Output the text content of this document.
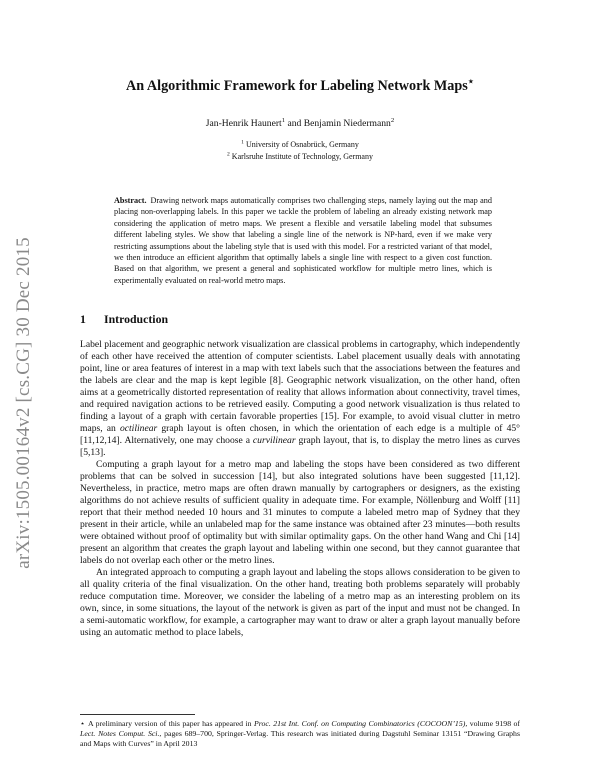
arXiv:1505.00164v2 [cs.CG] 30 Dec 2015
An Algorithmic Framework for Labeling Network Maps⋆
Jan-Henrik Haunert$^1$ and Benjamin Niedermann$^2$
$^1$ University of Osnabrück, Germany
$^2$ Karlsruhe Institute of Technology, Germany
Abstract. Drawing network maps automatically comprises two challenging steps, namely laying out the map and placing non-overlapping labels. In this paper we tackle the problem of labeling an already existing network map considering the application of metro maps. We present a flexible and versatile labeling model that subsumes different labeling styles. We show that labeling a single line of the network is NP-hard, even if we make very restricting assumptions about the labeling style that is used with this model. For a restricted variant of that model, we then introduce an efficient algorithm that optimally labels a single line with respect to a given cost function. Based on that algorithm, we present a general and sophisticated workflow for multiple metro lines, which is experimentally evaluated on real-world metro maps.
1 Introduction

Label placement and geographic network visualization are classical problems in cartography, which independently of each other have received the attention of computer scientists. Label placement usually deals with annotating point, line or area features of interest in a map with text labels such that the associations between the features and the labels are clear and the map is kept legible [8]. Geographic network visualization, on the other hand, often aims at a geometrically distorted representation of reality that allows information about connectivity, travel times, and required navigation actions to be retrieved easily. Computing a good network visualization is thus related to finding a layout of a graph with certain favorable properties [15]. For example, to avoid visual clutter in metro maps, an octilinear graph layout is often chosen, in which the orientation of each edge is a multiple of 45° [11,12,14]. Alternatively, one may choose a curvilinear graph layout, that is, to display the metro lines as curves [5,13].

Computing a graph layout for a metro map and labeling the stops have been considered as two different problems that can be solved in succession [14], but also integrated solutions have been suggested [11,12]. Nevertheless, in practice, metro maps are often drawn manually by cartographers or designers, as the existing algorithms do not achieve results of sufficient quality in adequate time. For example, Nöllenburg and Wolff [11] report that their method needed 10 hours and 31 minutes to compute a labeled metro map of Sydney that they present in their article, while an unlabeled map for the same instance was obtained after 23 minutes—both results were obtained without proof of optimality but with similar optimality gaps. On the other hand Wang and Chi [14] present an algorithm that creates the graph layout and labeling within one second, but they cannot guarantee that labels do not overlap each other or the metro lines.

An integrated approach to computing a graph layout and labeling the stops allows consideration to be given to all quality criteria of the final visualization. On the other hand, treating both problems separately will probably reduce computation time. Moreover, we consider the labeling of a metro map as an interesting problem on its own, since, in some situations, the layout of the network is given as part of the input and must not be changed. In a semi-automatic workflow, for example, a cartographer may want to draw or alter a graph layout manually before using an automatic method to place labels,

⋆ A preliminary version of this paper has appeared in Proc. 21st Int. Conf. on Computing Combinatorics (COCOON’15), volume 9198 of Lect. Notes Comput. Sci., pages 689–700, Springer-Verlag. This research was initiated during Dagstuhl Seminar 13151 “Drawing Graphs and Maps with Curves” in April 2013
